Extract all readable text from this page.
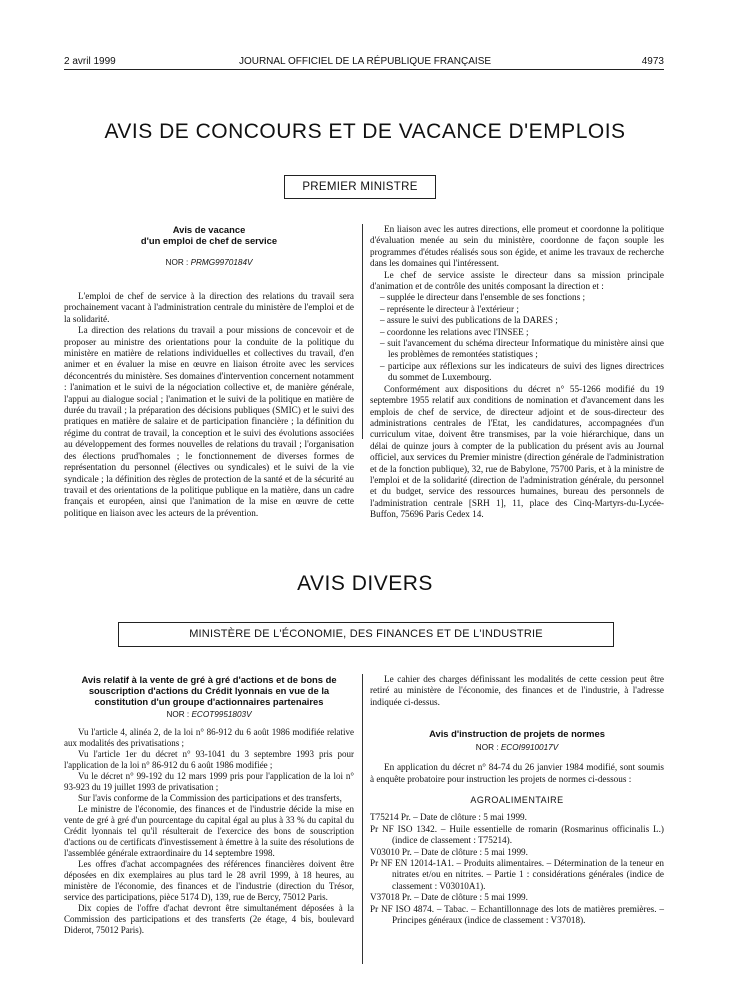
2 avril 1999	JOURNAL OFFICIEL DE LA RÉPUBLIQUE FRANÇAISE	4973
AVIS DE CONCOURS ET DE VACANCE D'EMPLOIS
PREMIER MINISTRE
Avis de vacance
d'un emploi de chef de service
NOR : PRMG9970184V

L'emploi de chef de service à la direction des relations du travail sera prochainement vacant à l'administration centrale du ministère de l'emploi et de la solidarité.

La direction des relations du travail a pour missions de concevoir et de proposer au ministre des orientations pour la conduite de la politique du ministère en matière de relations individuelles et collectives du travail, d'en animer et en évaluer la mise en œuvre en liaison étroite avec les services déconcentrés du ministère. Ses domaines d'intervention concernent notamment : l'animation et le suivi de la négociation collective et, de manière générale, l'appui au dialogue social ; l'animation et le suivi de la politique en matière de durée du travail ; la préparation des décisions publiques (SMIC) et le suivi des pratiques en matière de salaire et de participation financière ; la définition du régime du contrat de travail, la conception et le suivi des évolutions associées au développement des formes nouvelles de relations du travail ; l'organisation des élections prud'homales ; le fonctionnement de diverses formes de représentation du personnel (électives ou syndicales) et le suivi de la vie syndicale ; la définition des règles de protection de la santé et de la sécurité au travail et des orientations de la politique publique en la matière, dans un cadre français et européen, ainsi que l'animation de la mise en œuvre de cette politique en liaison avec les acteurs de la prévention.

En liaison avec les autres directions, elle promeut et coordonne la politique d'évaluation menée au sein du ministère, coordonne de façon souple les programmes d'études réalisés sous son égide, et anime les travaux de recherche dans les domaines qui l'intéressent.

Le chef de service assiste le directeur dans sa mission principale d'animation et de contrôle des unités composant la direction et :

– supplée le directeur dans l'ensemble de ses fonctions ;

– représente le directeur à l'extérieur ;

– assure le suivi des publications de la DARES ;

– coordonne les relations avec l'INSEE ;

– suit l'avancement du schéma directeur Informatique du ministère ainsi que les problèmes de remontées statistiques ;

– participe aux réflexions sur les indicateurs de suivi des lignes directrices du sommet de Luxembourg.

Conformément aux dispositions du décret n° 55-1266 modifié du 19 septembre 1955 relatif aux conditions de nomination et d'avancement dans les emplois de chef de service, de directeur adjoint et de sous-directeur des administrations centrales de l'Etat, les candidatures, accompagnées d'un curriculum vitae, doivent être transmises, par la voie hiérarchique, dans un délai de quinze jours à compter de la publication du présent avis au Journal officiel, aux services du Premier ministre (direction générale de l'administration et de la fonction publique), 32, rue de Babylone, 75700 Paris, et à la ministre de l'emploi et de la solidarité (direction de l'administration générale, du personnel et du budget, service des ressources humaines, bureau des personnels de l'administration centrale [SRH 1], 11, place des Cinq-Martyrs-du-Lycée-Buffon, 75696 Paris Cedex 14.

AVIS DIVERS
MINISTÈRE DE L'ÉCONOMIE, DES FINANCES ET DE L'INDUSTRIE
Avis relatif à la vente de gré à gré d'actions et de bons de souscription d'actions du Crédit lyonnais en vue de la constitution d'un groupe d'actionnaires partenaires
NOR : ECOT9951803V

Vu l'article 4, alinéa 2, de la loi n° 86-912 du 6 août 1986 modifiée relative aux modalités des privatisations ;

Vu l'article 1er du décret n° 93-1041 du 3 septembre 1993 pris pour l'application de la loi n° 86-912 du 6 août 1986 modifiée ;

Vu le décret n° 99-192 du 12 mars 1999 pris pour l'application de la loi n° 93-923 du 19 juillet 1993 de privatisation ;

Sur l'avis conforme de la Commission des participations et des transferts,

Le ministre de l'économie, des finances et de l'industrie décide la mise en vente de gré à gré d'un pourcentage du capital égal au plus à 33 % du capital du Crédit lyonnais tel qu'il résulterait de l'exercice des bons de souscription d'actions ou de certificats d'investissement à émettre à la suite des résolutions de l'assemblée générale extraordinaire du 14 septembre 1998.

Les offres d'achat accompagnées des références financières doivent être déposées en dix exemplaires au plus tard le 28 avril 1999, à 18 heures, au ministère de l'économie, des finances et de l'industrie (direction du Trésor, service des participations, pièce 5174 D), 139, rue de Bercy, 75012 Paris.

Dix copies de l'offre d'achat devront être simultanément déposées à la Commission des participations et des transferts (2e étage, 4 bis, boulevard Diderot, 75012 Paris).

Le cahier des charges définissant les modalités de cette cession peut être retiré au ministère de l'économie, des finances et de l'industrie, à l'adresse indiquée ci-dessus.

Avis d'instruction de projets de normes
NOR : ECOI9910017V

En application du décret n° 84-74 du 26 janvier 1984 modifié, sont soumis à enquête probatoire pour instruction les projets de normes ci-dessous :

AGROALIMENTAIRE
T75214 Pr. – Date de clôture : 5 mai 1999.
Pr NF ISO 1342. – Huile essentielle de romarin (Rosmarinus officinalis L.) (indice de classement : T75214).
V03010 Pr. – Date de clôture : 5 mai 1999.
Pr NF EN 12014-1A1. – Produits alimentaires. – Détermination de la teneur en nitrates et/ou en nitrites. – Partie 1 : considérations générales (indice de classement : V03010A1).
V37018 Pr. – Date de clôture : 5 mai 1999.
Pr NF ISO 4874. – Tabac. – Echantillonnage des lots de matières premières. – Principes généraux (indice de classement : V37018).
